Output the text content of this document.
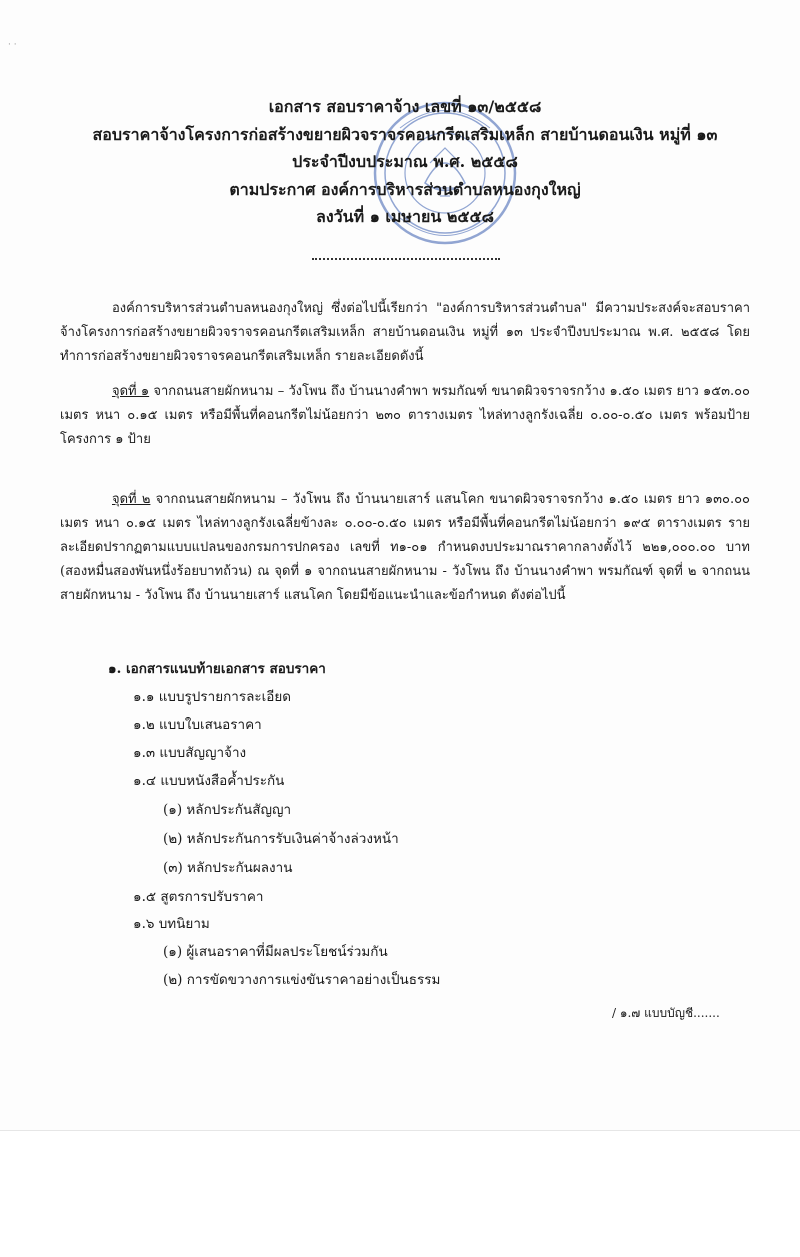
· ·
เอกสาร สอบราคาจ้าง เลขที่ ๑๓/๒๕๕๘
สอบราคาจ้างโครงการก่อสร้างขยายผิวจราจรคอนกรีตเสริมเหล็ก สายบ้านดอนเงิน หมู่ที่ ๑๓
ประจำปีงบประมาณ พ.ศ. ๒๕๕๘
ตามประกาศ องค์การบริหารส่วนตำบลหนองกุงใหญ่
ลงวันที่ ๑ เมษายน ๒๕๕๘
องค์การบริหารส่วนตำบลหนองกุงใหญ่ ซึ่งต่อไปนี้เรียกว่า "องค์การบริหารส่วนตำบล" มีความประสงค์จะสอบราคาจ้างโครงการก่อสร้างขยายผิวจราจรคอนกรีตเสริมเหล็ก สายบ้านดอนเงิน หมู่ที่ ๑๓ ประจำปีงบประมาณ พ.ศ. ๒๕๕๘ โดยทำการก่อสร้างขยายผิวจราจรคอนกรีตเสริมเหล็ก รายละเอียดดังนี้
จุดที่ ๑ จากถนนสายผักหนาม – วังโพน ถึง บ้านนางคำพา พรมกัณฑ์ ขนาดผิวจราจรกว้าง ๑.๕๐ เมตร ยาว ๑๕๓.๐๐ เมตร หนา ๐.๑๕ เมตร หรือมีพื้นที่คอนกรีตไม่น้อยกว่า ๒๓๐ ตารางเมตร ไหล่ทางลูกรังเฉลี่ย ๐.๐๐-๐.๕๐ เมตร พร้อมป้ายโครงการ ๑ ป้าย
จุดที่ ๒ จากถนนสายผักหนาม – วังโพน ถึง บ้านนายเสาร์ แสนโคก ขนาดผิวจราจรกว้าง ๑.๕๐ เมตร ยาว ๑๓๐.๐๐ เมตร หนา ๐.๑๕ เมตร ไหล่ทางลูกรังเฉลี่ยข้างละ ๐.๐๐-๐.๕๐ เมตร หรือมีพื้นที่คอนกรีตไม่น้อยกว่า ๑๙๕ ตารางเมตร รายละเอียดปรากฏตามแบบแปลนของกรมการปกครอง เลขที่ ท๑-๐๑ กำหนดงบประมาณราคากลางตั้งไว้ ๒๒๑,๐๐๐.๐๐ บาท (สองหมื่นสองพันหนึ่งร้อยบาทถ้วน) ณ จุดที่ ๑ จากถนนสายผักหนาม - วังโพน ถึง บ้านนางคำพา พรมกัณฑ์ จุดที่ ๒ จากถนนสายผักหนาม - วังโพน ถึง บ้านนายเสาร์ แสนโคก โดยมีข้อแนะนำและข้อกำหนด ดังต่อไปนี้
๑. เอกสารแนบท้ายเอกสาร สอบราคา
๑.๑ แบบรูปรายการละเอียด
๑.๒ แบบใบเสนอราคา
๑.๓ แบบสัญญาจ้าง
๑.๔ แบบหนังสือค้ำประกัน
(๑) หลักประกันสัญญา
(๒) หลักประกันการรับเงินค่าจ้างล่วงหน้า
(๓) หลักประกันผลงาน
๑.๕ สูตรการปรับราคา
๑.๖ บทนิยาม
(๑) ผู้เสนอราคาที่มีผลประโยชน์ร่วมกัน
(๒) การขัดขวางการแข่งขันราคาอย่างเป็นธรรม
/ ๑.๗ แบบบัญชี.......
